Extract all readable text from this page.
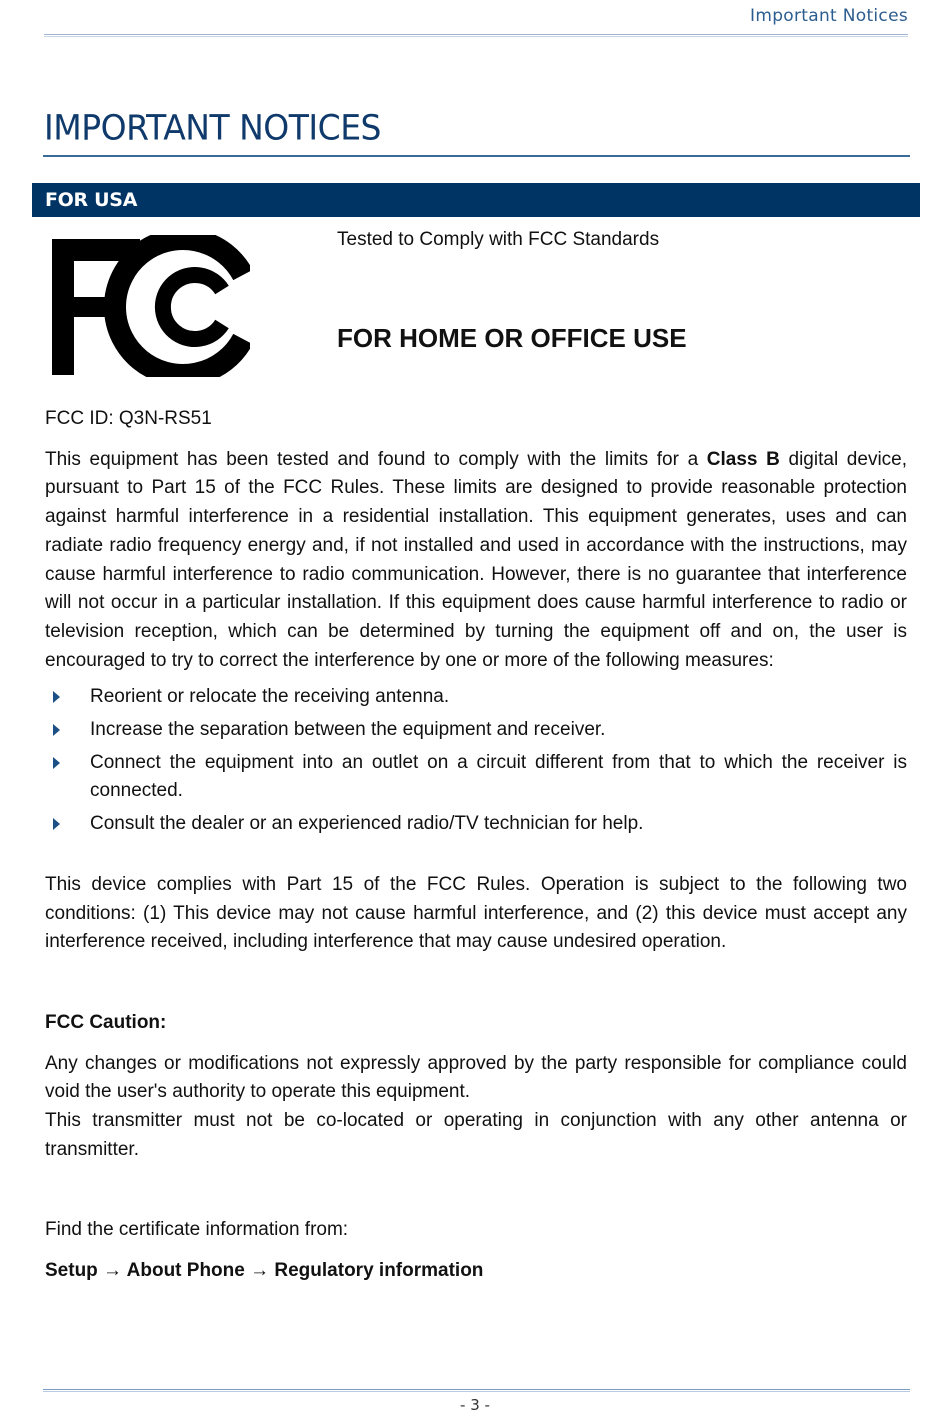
Important Notices
IMPORTANT NOTICES
FOR USA
Tested to Comply with FCC Standards
FOR HOME OR OFFICE USE

FCC ID: Q3N-RS51

This equipment has been tested and found to comply with the limits for a Class B digital device, pursuant to Part 15 of the FCC Rules. These limits are designed to provide reasonable protection against harmful interference in a residential installation. This equipment generates, uses and can radiate radio frequency energy and, if not installed and used in accordance with the instructions, may cause harmful interference to radio communication. However, there is no guarantee that interference will not occur in a particular installation. If this equipment does cause harmful interference to radio or television reception, which can be determined by turning the equipment off and on, the user is encouraged to try to correct the interference by one or more of the following measures:

Reorient or relocate the receiving antenna.
Increase the separation between the equipment and receiver.
Connect the equipment into an outlet on a circuit different from that to which the receiver is connected.
Consult the dealer or an experienced radio/TV technician for help.

This device complies with Part 15 of the FCC Rules. Operation is subject to the following two conditions: (1) This device may not cause harmful interference, and (2) this device must accept any interference received, including interference that may cause undesired operation.

FCC Caution:

Any changes or modifications not expressly approved by the party responsible for compliance could void the user's authority to operate this equipment.

This transmitter must not be co-located or operating in conjunction with any other antenna or transmitter.

Find the certificate information from:

Setup → About Phone → Regulatory information

- 3 -
